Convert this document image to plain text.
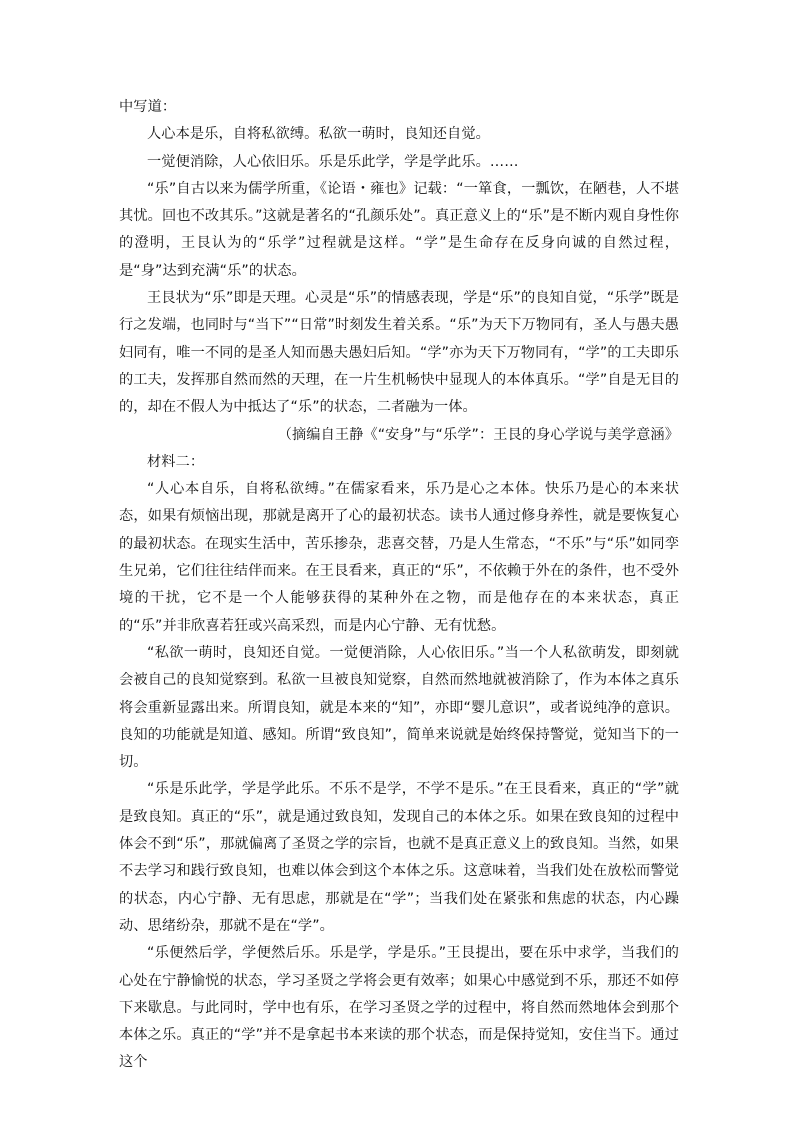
中写道：

人心本是乐，自将私欲缚。私欲一萌时，良知还自觉。

一觉便消除，人心依旧乐。乐是乐此学，学是学此乐。……

“乐”自古以来为儒学所重，《论语・雍也》记载：“一箪食，一瓢饮，在陋巷，人不堪其忧。回也不改其乐。”这就是著名的“孔颜乐处”。真正意义上的“乐”是不断内观自身性你的澄明，王艮认为的“乐学”过程就是这样。“学”是生命存在反身向诚的自然过程，是“身”达到充满“乐”的状态。

王艮状为“乐”即是天理。心灵是“乐”的情感表现，学是“乐”的良知自觉，“乐学”既是行之发端，也同时与“当下”“日常”时刻发生着关系。“乐”为天下万物同有，圣人与愚夫愚妇同有，唯一不同的是圣人知而愚夫愚妇后知。“学”亦为天下万物同有，“学”的工夫即乐的工夫，发挥那自然而然的天理，在一片生机畅快中显现人的本体真乐。“学”自是无目的的，却在不假人为中抵达了“乐”的状态，二者融为一体。

（摘编自王静《“安身”与“乐学”：王艮的身心学说与美学意涵》

材料二：

“人心本自乐，自将私欲缚。”在儒家看来，乐乃是心之本体。快乐乃是心的本来状态，如果有烦恼出现，那就是离开了心的最初状态。读书人通过修身养性，就是要恢复心的最初状态。在现实生活中，苦乐掺杂，悲喜交替，乃是人生常态，“不乐”与“乐”如同孪生兄弟，它们往往结伴而来。在王艮看来，真正的“乐”，不依赖于外在的条件，也不受外境的干扰，它不是一个人能够获得的某种外在之物，而是他存在的本来状态，真正的“乐”并非欣喜若狂或兴高采烈，而是内心宁静、无有忧愁。

“私欲一萌时，良知还自觉。一觉便消除，人心依旧乐。”当一个人私欲萌发，即刻就会被自己的良知觉察到。私欲一旦被良知觉察，自然而然地就被消除了，作为本体之真乐将会重新显露出来。所谓良知，就是本来的“知”，亦即“婴儿意识”，或者说纯净的意识。良知的功能就是知道、感知。所谓“致良知”，简单来说就是始终保持警觉，觉知当下的一切。

“乐是乐此学，学是学此乐。不乐不是学，不学不是乐。”在王艮看来，真正的“学”就是致良知。真正的“乐”，就是通过致良知，发现自己的本体之乐。如果在致良知的过程中体会不到“乐”，那就偏离了圣贤之学的宗旨，也就不是真正意义上的致良知。当然，如果不去学习和践行致良知，也难以体会到这个本体之乐。这意味着，当我们处在放松而警觉的状态，内心宁静、无有思虑，那就是在“学”；当我们处在紧张和焦虑的状态，内心躁动、思绪纷杂，那就不是在“学”。

“乐便然后学，学便然后乐。乐是学，学是乐。”王艮提出，要在乐中求学，当我们的心处在宁静愉悦的状态，学习圣贤之学将会更有效率；如果心中感觉到不乐，那还不如停下来歇息。与此同时，学中也有乐，在学习圣贤之学的过程中，将自然而然地体会到那个本体之乐。真正的“学”并不是拿起书本来读的那个状态，而是保持觉知，安住当下。通过这个
